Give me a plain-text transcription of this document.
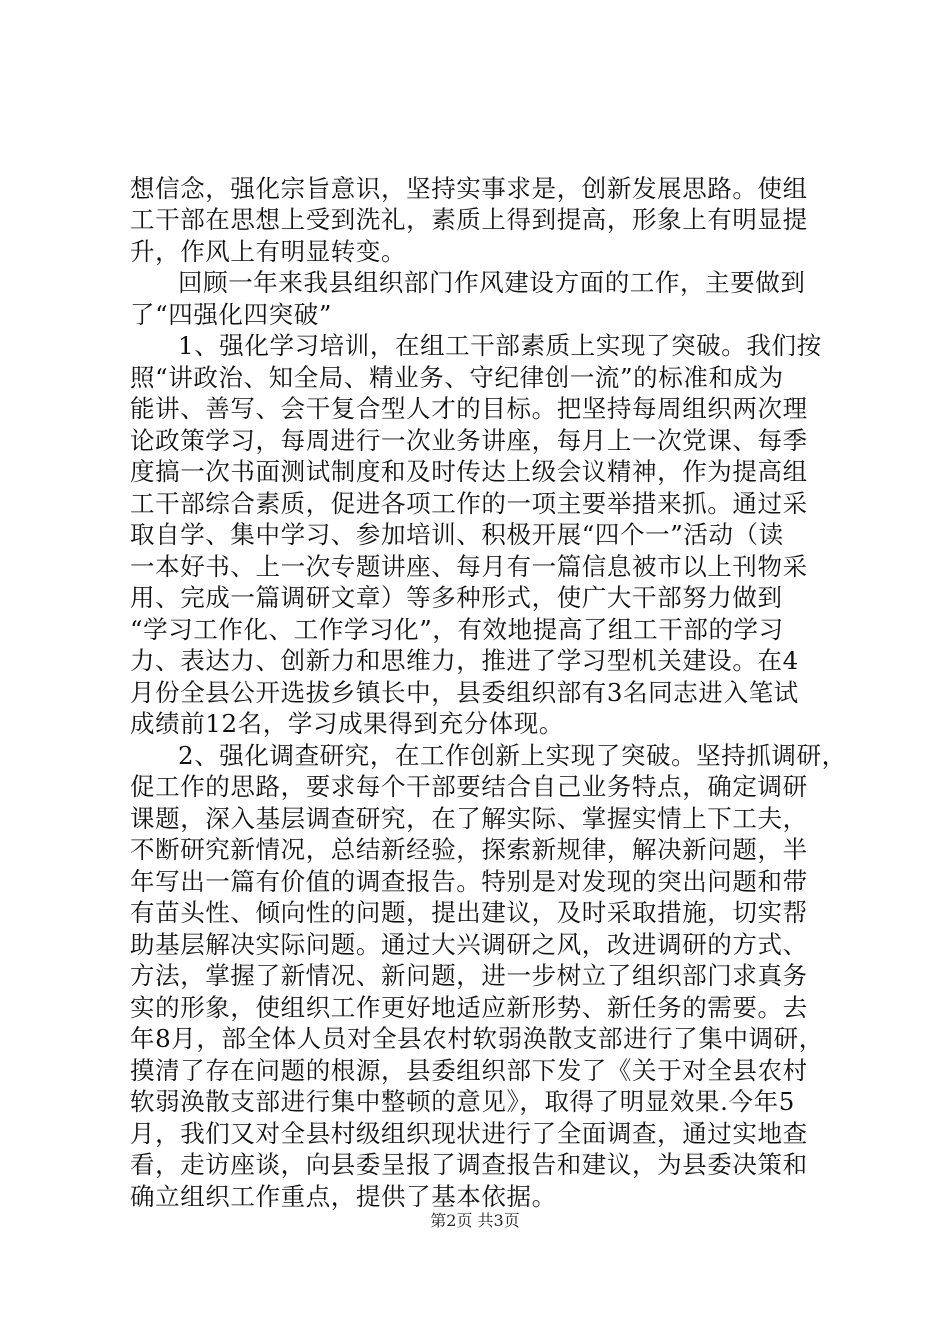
想信念，强化宗旨意识，坚持实事求是，创新发展思路。使组
工干部在思想上受到洗礼，素质上得到提高，形象上有明显提
升，作风上有明显转变。
回顾一年来我县组织部门作风建设方面的工作，主要做到
了“四强化四突破”
1、强化学习培训，在组工干部素质上实现了突破。我们按
照“讲政治、知全局、精业务、守纪律创一流”的标准和成为
能讲、善写、会干复合型人才的目标。把坚持每周组织两次理
论政策学习，每周进行一次业务讲座，每月上一次党课、每季
度搞一次书面测试制度和及时传达上级会议精神，作为提高组
工干部综合素质，促进各项工作的一项主要举措来抓。通过采
取自学、集中学习、参加培训、积极开展“四个一”活动（读
一本好书、上一次专题讲座、每月有一篇信息被市以上刊物采
用、完成一篇调研文章）等多种形式，使广大干部努力做到
“学习工作化、工作学习化”，有效地提高了组工干部的学习
力、表达力、创新力和思维力，推进了学习型机关建设。在4
月份全县公开选拔乡镇长中，县委组织部有3名同志进入笔试
成绩前12名，学习成果得到充分体现。
2、强化调查研究，在工作创新上实现了突破。坚持抓调研，
促工作的思路，要求每个干部要结合自己业务特点，确定调研
课题，深入基层调查研究，在了解实际、掌握实情上下工夫，
不断研究新情况，总结新经验，探索新规律，解决新问题，半
年写出一篇有价值的调查报告。特别是对发现的突出问题和带
有苗头性、倾向性的问题，提出建议，及时采取措施，切实帮
助基层解决实际问题。通过大兴调研之风，改进调研的方式、
方法，掌握了新情况、新问题，进一步树立了组织部门求真务
实的形象，使组织工作更好地适应新形势、新任务的需要。去
年8月，部全体人员对全县农村软弱涣散支部进行了集中调研，
摸清了存在问题的根源，县委组织部下发了《关于对全县农村
软弱涣散支部进行集中整顿的意见》，取得了明显效果.今年5
月，我们又对全县村级组织现状进行了全面调查，通过实地查
看，走访座谈，向县委呈报了调查报告和建议，为县委决策和
确立组织工作重点，提供了基本依据。
第2页 共3页
